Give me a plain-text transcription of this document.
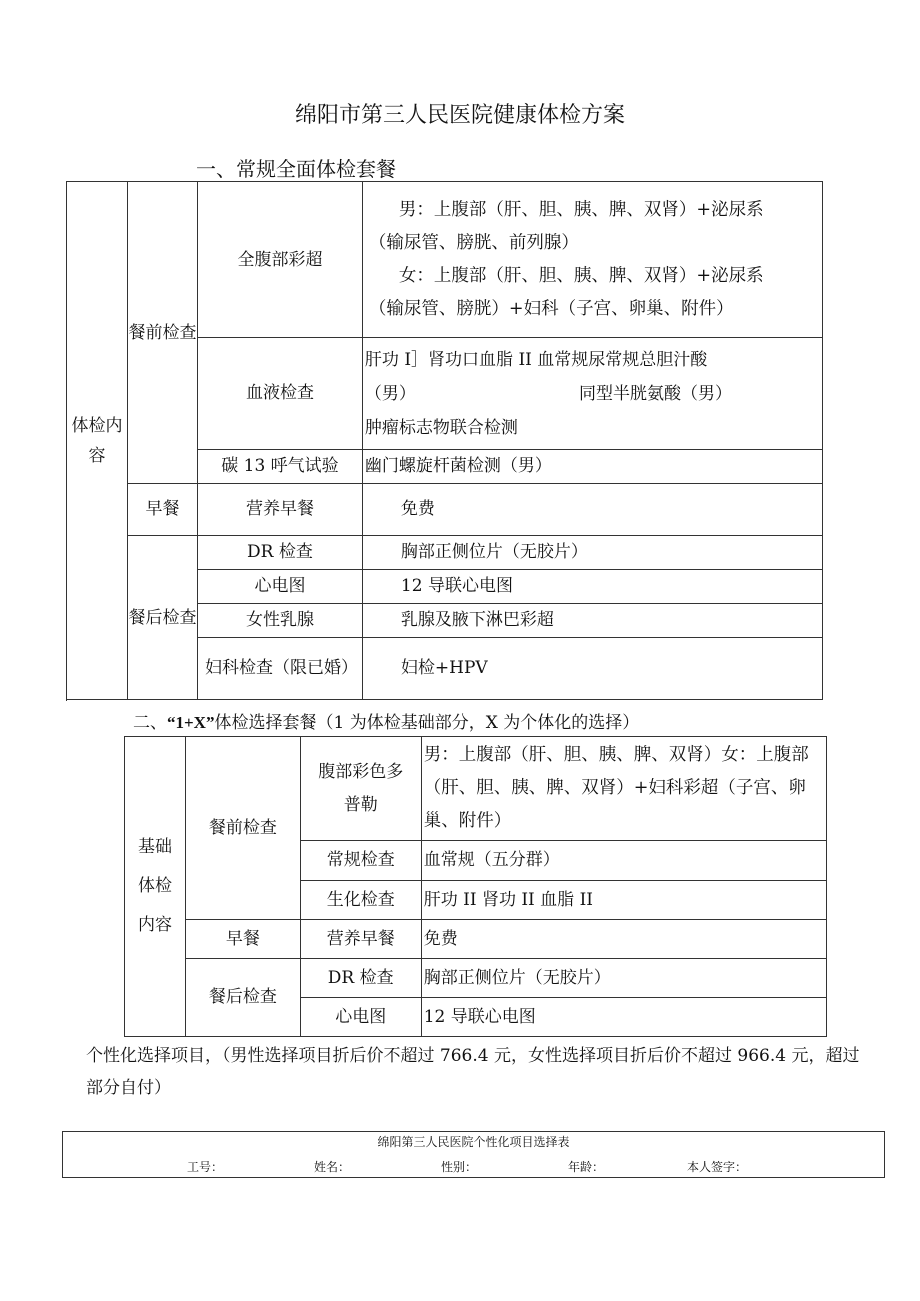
绵阳市第三人民医院健康体检方案
一、常规全面体检套餐
体检内容	餐前检查	全腹部彩超	男：上腹部（肝、胆、胰、脾、双肾）+泌尿系
（输尿管、膀胱、前列腺）
女：上腹部（肝、胆、胰、脾、双肾）+泌尿系
（输尿管、膀胱）+妇科（子宫、卵巢、附件）

		血液检查	肝功 I］肾功口血脂 II 血常规尿常规总胆汁酸
（男） 同型半胱氨酸（男）
肿瘤标志物联合检测

		碳 13 呼气试验	幽门螺旋杆菌检测（男）
	早餐	营养早餐	免费

	餐后检查	DR 检查	胸部正侧位片（无胶片）
		心电图	12 导联心电图
		女性乳腺	乳腺及腋下淋巴彩超

		妇科检查（限已婚）	妇检+HPV

二、“1+X”体检选择套餐（1 为体检基础部分，X 为个体化的选择）
基础体检内容	餐前检查	腹部彩色多普勒	男：上腹部（肝、胆、胰、脾、双肾）女：上腹部（肝、胆、胰、脾、双肾）+妇科彩超（子宫、卵巢、附件）
		常规检查	血常规（五分群）
		生化检查	肝功 II 肾功 II 血脂 II
	早餐	营养早餐	免费
	餐后检查	DR 检查	胸部正侧位片（无胶片）
		心电图	12 导联心电图
个性化选择项目，（男性选择项目折后价不超过 766.4 元，女性选择项目折后价不超过 966.4 元，超过部分自付）
绵阳第三人民医院个性化项目选择表
工号：	姓名：	性别：	年龄：	本人签字：
